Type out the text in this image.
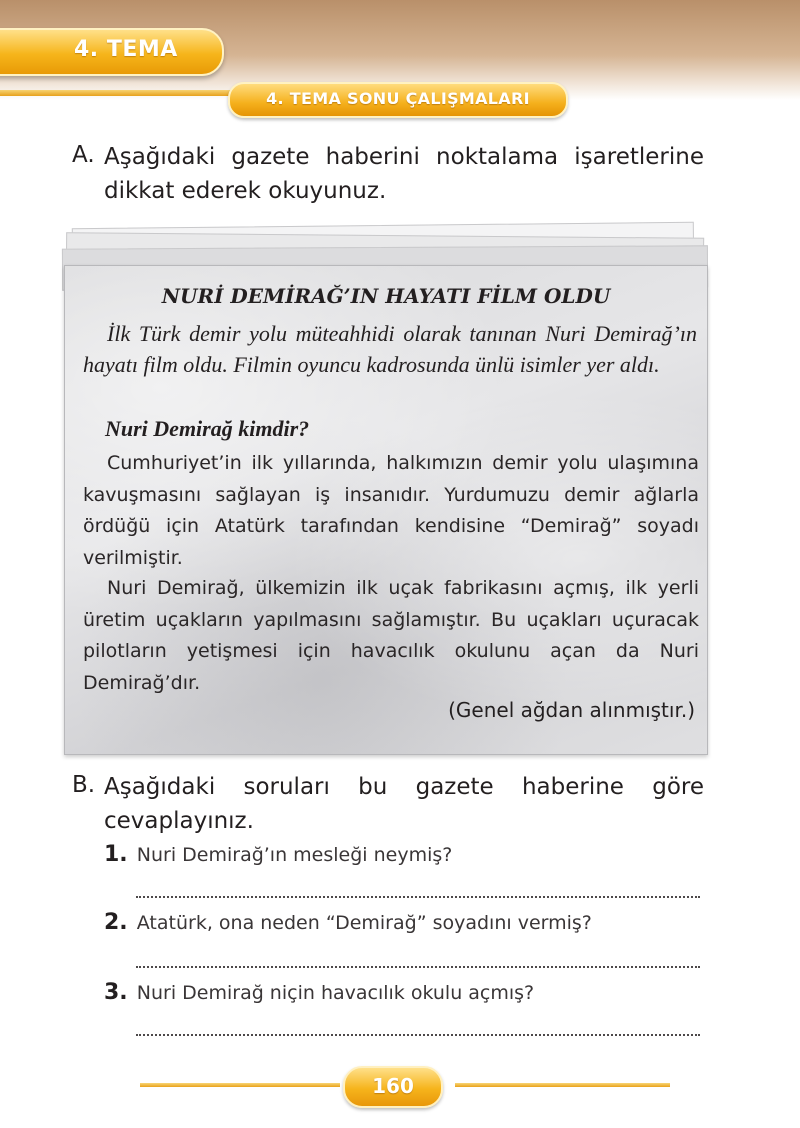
4. TEMA
4. TEMA SONU ÇALIŞMALARI
A. Aşağıdaki gazete haberini noktalama işaretlerine dikkat ederek okuyunuz.
NURİ DEMİRAĞ’IN HAYATI FİLM OLDU
İlk Türk demir yolu müteahhidi olarak tanınan Nuri Demirağ’ın hayatı film oldu. Filmin oyuncu kadrosunda ünlü isimler yer aldı.
Nuri Demirağ kimdir?
Cumhuriyet’in ilk yıllarında, halkımızın demir yolu ulaşımına kavuşmasını sağlayan iş insanıdır. Yurdumuzu demir ağlarla ördüğü için Atatürk tarafından kendisine “Demirağ” soyadı verilmiştir.
Nuri Demirağ, ülkemizin ilk uçak fabrikasını açmış, ilk yerli üretim uçakların yapılmasını sağlamıştır. Bu uçakları uçuracak pilotların yetişmesi için havacılık okulunu açan da Nuri Demirağ’dır.
(Genel ağdan alınmıştır.)
B. Aşağıdaki soruları bu gazete haberine göre cevaplayınız.
1. Nuri Demirağ’ın mesleği neymiş?
2. Atatürk, ona neden “Demirağ” soyadını vermiş?
3. Nuri Demirağ niçin havacılık okulu açmış?
160
